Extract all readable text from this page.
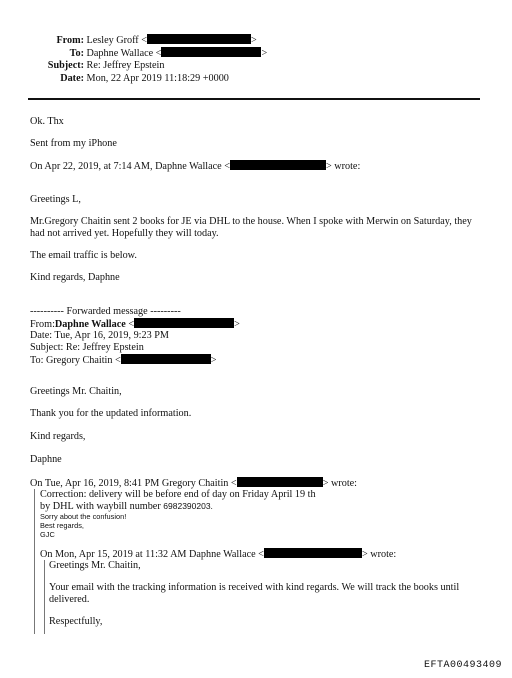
From: Lesley Groff <	>
To: Daphne Wallace <	>
Subject: Re: Jeffrey Epstein
Date: Mon, 22 Apr 2019 11:18:29 +0000
Ok. Thx
Sent from my iPhone
On Apr 22, 2019, at 7:14 AM, Daphne Wallace <	> wrote:
Greetings L,
Mr.Gregory Chaitin sent 2 books for JE via DHL to the house. When I spoke with Merwin on Saturday, they
had not arrived yet. Hopefully they will today.
The email traffic is below.
Kind regards, Daphne
---------- Forwarded message ---------
From:Daphne Wallace <	>
Date: Tue, Apr 16, 2019, 9:23 PM
Subject: Re: Jeffrey Epstein
To: Gregory Chaitin <	>
Greetings Mr. Chaitin,
Thank you for the updated information.
Kind regards,
Daphne
On Tue, Apr 16, 2019, 8:41 PM Gregory Chaitin <	> wrote:
Correction: delivery will be before end of day on Friday April 19 th
by DHL with waybill number 6982390203.
Sorry about the confusion!
Best regards,
GJC
On Mon, Apr 15, 2019 at 11:32 AM Daphne Wallace <	> wrote:
Greetings Mr. Chaitin,
Your email with the tracking information is received with kind regards. We will track the books until
delivered.
Respectfully,
EFTA00493409
